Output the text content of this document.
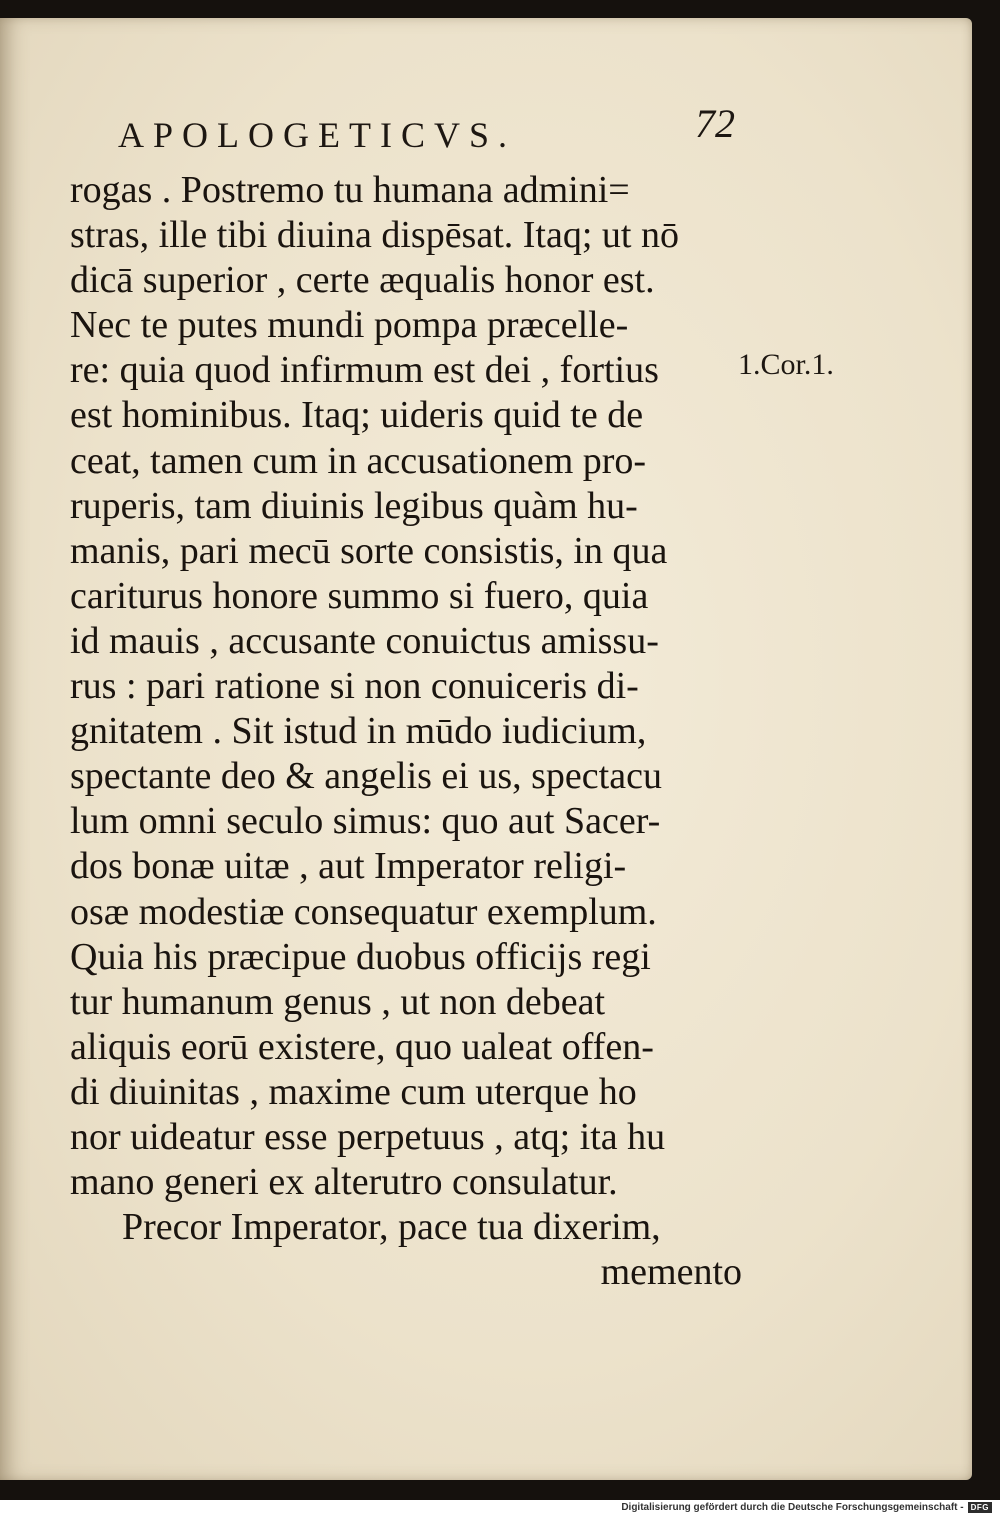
APOLOGETICVS.	72
1.Cor.1.
rogas . Postremo tu humana admini=
stras, ille tibi diuina dispēsat. Itaq; ut nō
dicā superior , certe æqualis honor est.
Nec te putes mundi pompa præcelle-
re: quia quod infirmum est dei , fortius
est hominibus. Itaq; uideris quid te de
ceat, tamen cum in accusationem pro-
ruperis, tam diuinis legibus quàm hu-
manis, pari mecū sorte consistis, in qua
cariturus honore summo si fuero, quia
id mauis , accusante conuictus amissu-
rus : pari ratione si non conuiceris di-
gnitatem . Sit istud in mūdo iudicium,
spectante deo & angelis ei us, spectacu
lum omni seculo simus: quo aut Sacer-
dos bonæ uitæ , aut Imperator religi-
osæ modestiæ consequatur exemplum.
Quia his præcipue duobus officijs regi
tur humanum genus , ut non debeat
aliquis eorū existere, quo ualeat offen-
di diuinitas , maxime cum uterque ho
nor uideatur esse perpetuus , atq; ita hu
mano generi ex alterutro consulatur.
Precor Imperator, pace tua dixerim,
memento
Digitalisierung gefördert durch die Deutsche Forschungsgemeinschaft - DFG
